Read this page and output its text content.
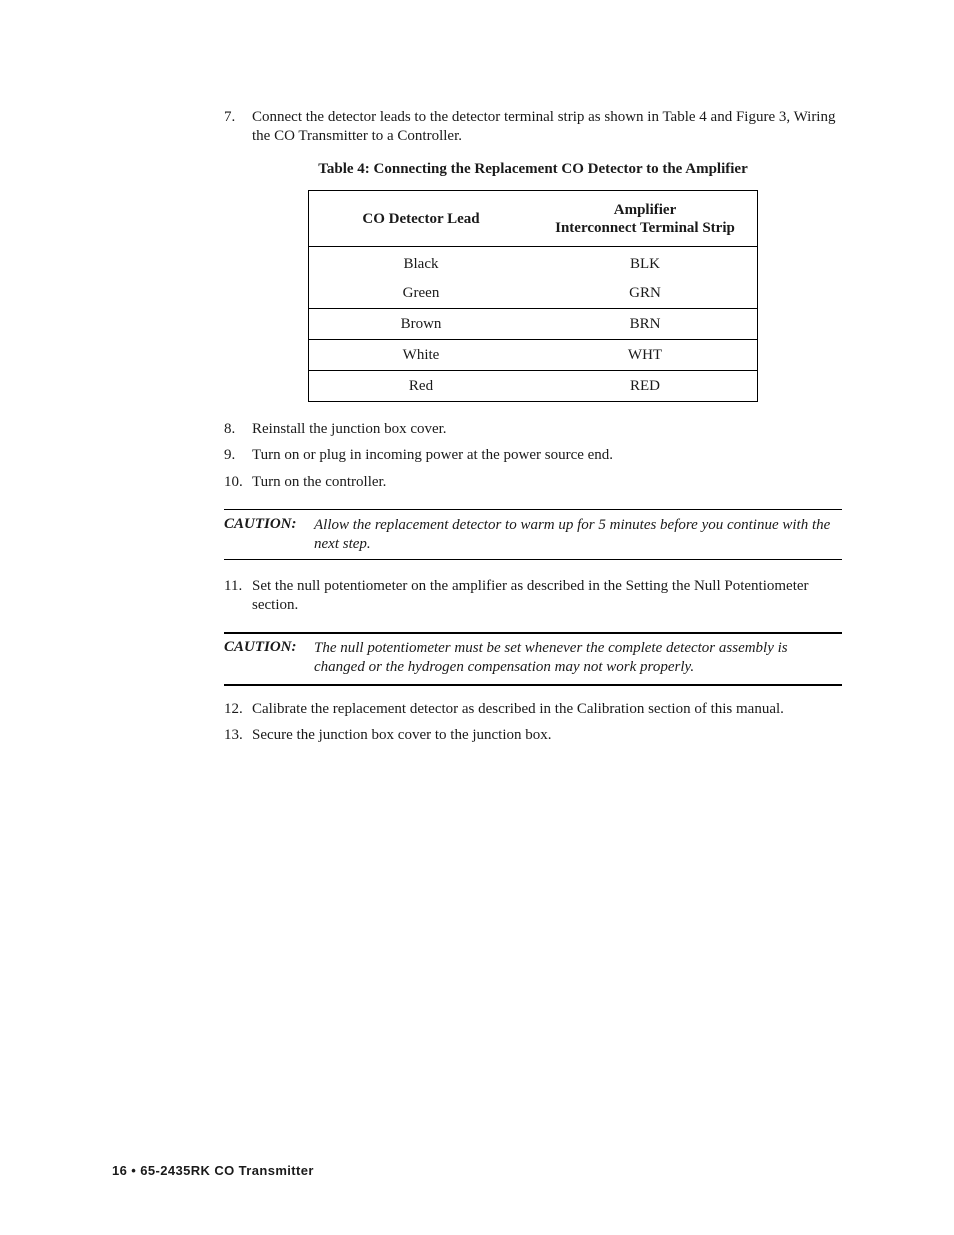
7. Connect the detector leads to the detector terminal strip as shown in Table 4 and Figure 3, Wiring the CO Transmitter to a Controller.
Table 4: Connecting the Replacement CO Detector to the Amplifier
CO Detector Lead	Amplifier
Interconnect Terminal Strip
Black	BLK
Green	GRN
Brown	BRN
White	WHT
Red	RED
8. Reinstall the junction box cover.
9. Turn on or plug in incoming power at the power source end.
10. Turn on the controller.
CAUTION: Allow the replacement detector to warm up for 5 minutes before you continue with the next step.
11. Set the null potentiometer on the amplifier as described in the Setting the Null Potentiometer section.
CAUTION: The null potentiometer must be set whenever the complete detector assembly is changed or the hydrogen compensation may not work properly.
12. Calibrate the replacement detector as described in the Calibration section of this manual.
13. Secure the junction box cover to the junction box.
16 • 65-2435RK CO Transmitter
